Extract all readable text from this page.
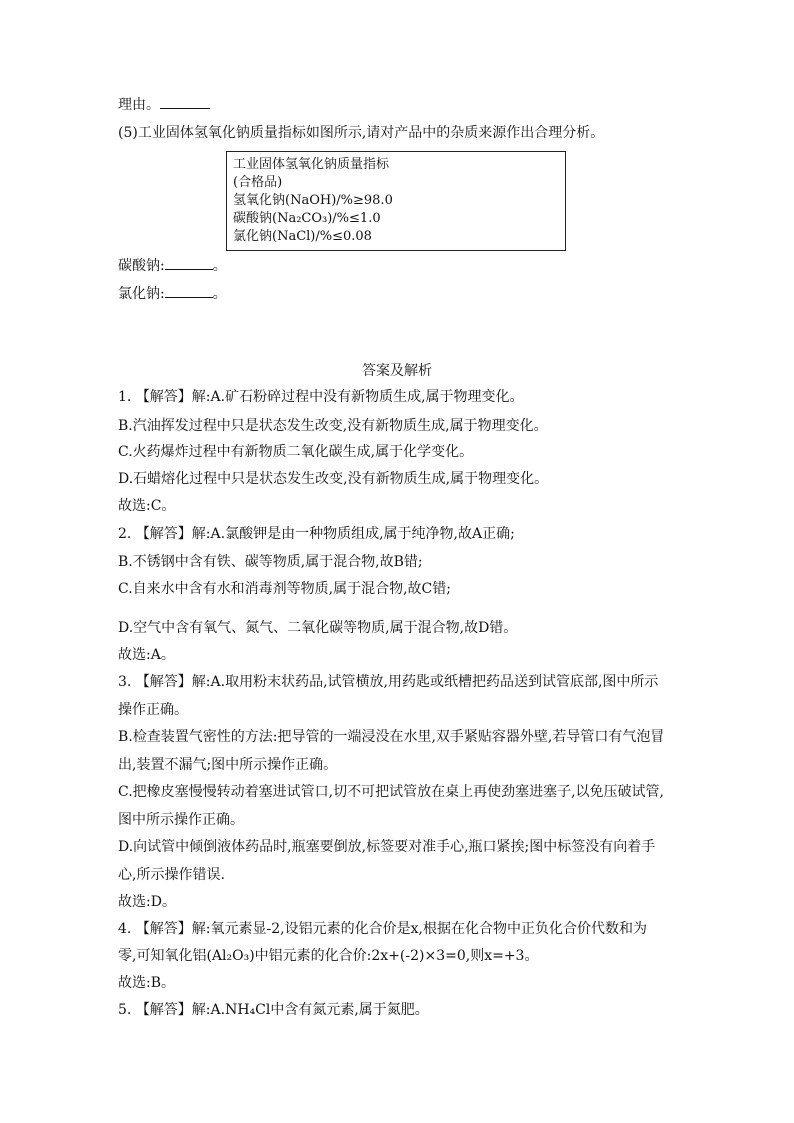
理由。
(5)工业固体氢氧化钠质量指标如图所示,请对产品中的杂质来源作出合理分析。
工业固体氢氧化钠质量指标
(合格品)
氢氧化钠(NaOH)/%≥98.0
碳酸钠(Na₂CO₃)/%≤1.0
氯化钠(NaCl)/%≤0.08
碳酸钠:	。
氯化钠:	。
答案及解析
1. 【解答】解:A.矿石粉碎过程中没有新物质生成,属于物理变化。
B.汽油挥发过程中只是状态发生改变,没有新物质生成,属于物理变化。
C.火药爆炸过程中有新物质二氧化碳生成,属于化学变化。
D.石蜡熔化过程中只是状态发生改变,没有新物质生成,属于物理变化。
故选:C。
2. 【解答】解:A.氯酸钾是由一种物质组成,属于纯净物,故A正确;
B.不锈钢中含有铁、碳等物质,属于混合物,故B错;
C.自来水中含有水和消毒剂等物质,属于混合物,故C错;
D.空气中含有氧气、氮气、二氧化碳等物质,属于混合物,故D错。
故选:A。
3. 【解答】解:A.取用粉末状药品,试管横放,用药匙或纸槽把药品送到试管底部,图中所示
操作正确。
B.检查装置气密性的方法:把导管的一端浸没在水里,双手紧贴容器外壁,若导管口有气泡冒
出,装置不漏气;图中所示操作正确。
C.把橡皮塞慢慢转动着塞进试管口,切不可把试管放在桌上再使劲塞进塞子,以免压破试管,
图中所示操作正确。
D.向试管中倾倒液体药品时,瓶塞要倒放,标签要对准手心,瓶口紧挨;图中标签没有向着手
心,所示操作错误.
故选:D。
4. 【解答】解:氧元素显-2,设铝元素的化合价是x,根据在化合物中正负化合价代数和为
零,可知氧化铝(Al₂O₃)中铝元素的化合价:2x+(-2)×3=0,则x=+3。
故选:B。
5. 【解答】解:A.NH₄Cl中含有氮元素,属于氮肥。
